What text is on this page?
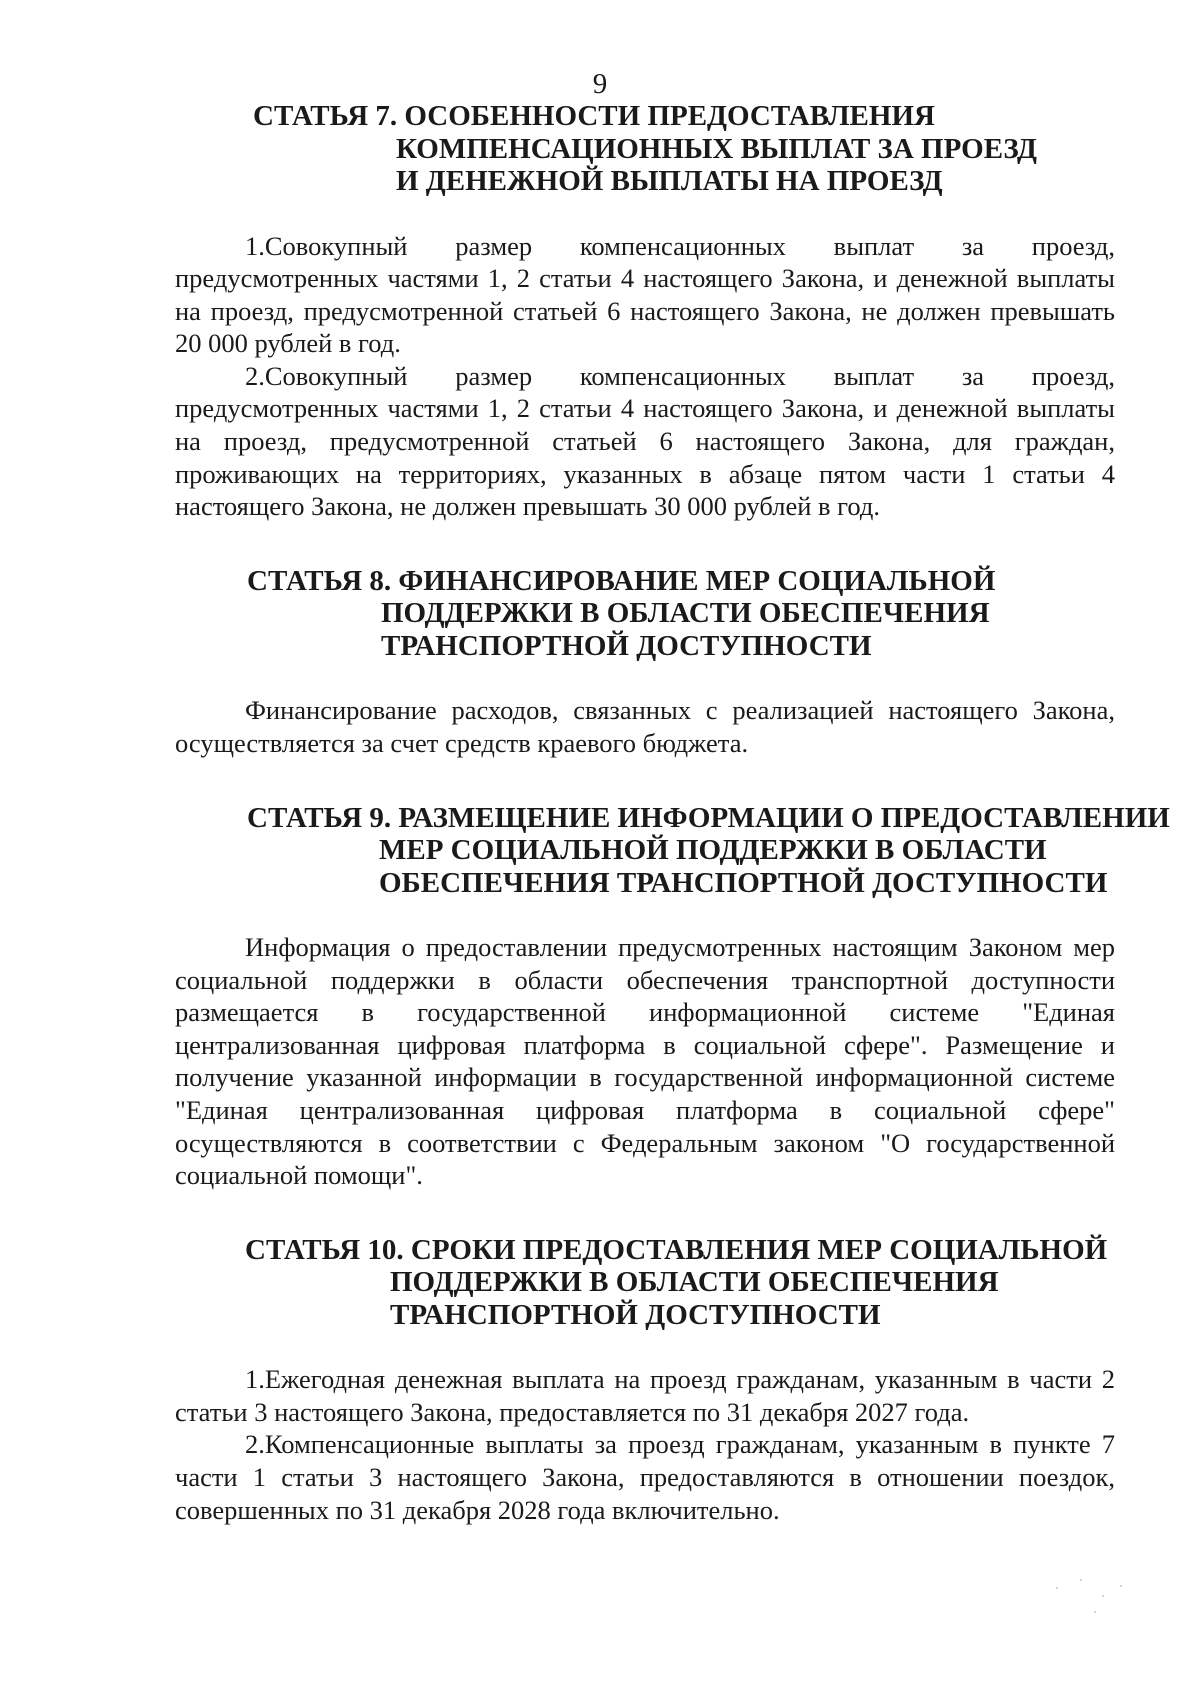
9
СТАТЬЯ 7. ОСОБЕННОСТИ ПРЕДОСТАВЛЕНИЯ
КОМПЕНСАЦИОННЫХ ВЫПЛАТ ЗА ПРОЕЗД
И ДЕНЕЖНОЙ ВЫПЛАТЫ НА ПРОЕЗД

1.Совокупный размер компенсационных выплат за проезд, предусмотренных частями 1, 2 статьи 4 настоящего Закона, и денежной выплаты на проезд, предусмотренной статьей 6 настоящего Закона, не должен превышать 20 000 рублей в год.

2.Совокупный размер компенсационных выплат за проезд, предусмотренных частями 1, 2 статьи 4 настоящего Закона, и денежной выплаты на проезд, предусмотренной статьей 6 настоящего Закона, для граждан, проживающих на территориях, указанных в абзаце пятом части 1 статьи 4 настоящего Закона, не должен превышать 30 000 рублей в год.

СТАТЬЯ 8. ФИНАНСИРОВАНИЕ МЕР СОЦИАЛЬНОЙ
ПОДДЕРЖКИ В ОБЛАСТИ ОБЕСПЕЧЕНИЯ
ТРАНСПОРТНОЙ ДОСТУПНОСТИ

Финансирование расходов, связанных с реализацией настоящего Закона, осуществляется за счет средств краевого бюджета.

СТАТЬЯ 9. РАЗМЕЩЕНИЕ ИНФОРМАЦИИ О ПРЕДОСТАВЛЕНИИ
МЕР СОЦИАЛЬНОЙ ПОДДЕРЖКИ В ОБЛАСТИ
ОБЕСПЕЧЕНИЯ ТРАНСПОРТНОЙ ДОСТУПНОСТИ

Информация о предоставлении предусмотренных настоящим Законом мер социальной поддержки в области обеспечения транспортной доступности размещается в государственной информационной системе "Единая централизованная цифровая платформа в социальной сфере". Размещение и получение указанной информации в государственной информационной системе "Единая централизованная цифровая платформа в социальной сфере" осуществляются в соответствии с Федеральным законом "О государственной социальной помощи".

СТАТЬЯ 10. СРОКИ ПРЕДОСТАВЛЕНИЯ МЕР СОЦИАЛЬНОЙ
ПОДДЕРЖКИ В ОБЛАСТИ ОБЕСПЕЧЕНИЯ
ТРАНСПОРТНОЙ ДОСТУПНОСТИ

1.Ежегодная денежная выплата на проезд гражданам, указанным в части 2 статьи 3 настоящего Закона, предоставляется по 31 декабря 2027 года.

2.Компенсационные выплаты за проезд гражданам, указанным в пункте 7 части 1 статьи 3 настоящего Закона, предоставляются в отношении поездок, совершенных по 31 декабря 2028 года включительно.
